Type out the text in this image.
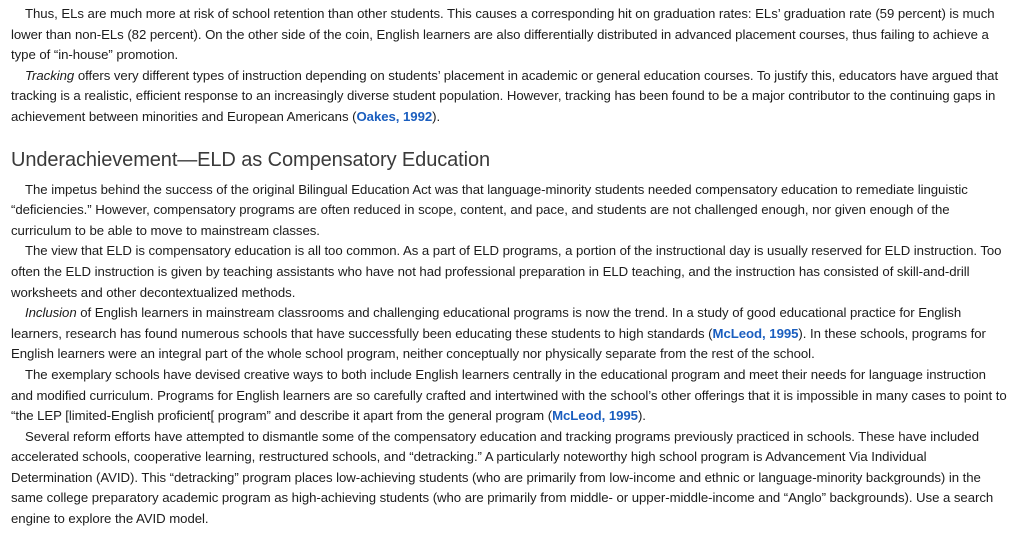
Thus, ELs are much more at risk of school retention than other students. This causes a corresponding hit on graduation rates: ELs’ graduation rate (59 percent) is much lower than non-ELs (82 percent). On the other side of the coin, English learners are also differentially distributed in advanced placement courses, thus failing to achieve a type of “in-house” promotion.

Tracking offers very different types of instruction depending on students’ placement in academic or general education courses. To justify this, educators have argued that tracking is a realistic, efficient response to an increasingly diverse student population. However, tracking has been found to be a major contributor to the continuing gaps in achievement between minorities and European Americans (Oakes, 1992).

Underachievement—ELD as Compensatory Education

The impetus behind the success of the original Bilingual Education Act was that language-minority students needed compensatory education to remediate linguistic “deficiencies.” However, compensatory programs are often reduced in scope, content, and pace, and students are not challenged enough, nor given enough of the curriculum to be able to move to mainstream classes.

The view that ELD is compensatory education is all too common. As a part of ELD programs, a portion of the instructional day is usually reserved for ELD instruction. Too often the ELD instruction is given by teaching assistants who have not had professional preparation in ELD teaching, and the instruction has consisted of skill-and-drill worksheets and other decontextualized methods.

Inclusion of English learners in mainstream classrooms and challenging educational programs is now the trend. In a study of good educational practice for English learners, research has found numerous schools that have successfully been educating these students to high standards (McLeod, 1995). In these schools, programs for English learners were an integral part of the whole school program, neither conceptually nor physically separate from the rest of the school.

The exemplary schools have devised creative ways to both include English learners centrally in the educational program and meet their needs for language instruction and modified curriculum. Programs for English learners are so carefully crafted and intertwined with the school’s other offerings that it is impossible in many cases to point to “the LEP [limited-English proficient[ program” and describe it apart from the general program (McLeod, 1995).

Several reform efforts have attempted to dismantle some of the compensatory education and tracking programs previously practiced in schools. These have included accelerated schools, cooperative learning, restructured schools, and “detracking.” A particularly noteworthy high school program is Advancement Via Individual Determination (AVID). This “detracking” program places low-achieving students (who are primarily from low-income and ethnic or language-minority backgrounds) in the same college preparatory academic program as high-achieving students (who are primarily from middle- or upper-middle-income and “Anglo” backgrounds). Use a search engine to explore the AVID model.
